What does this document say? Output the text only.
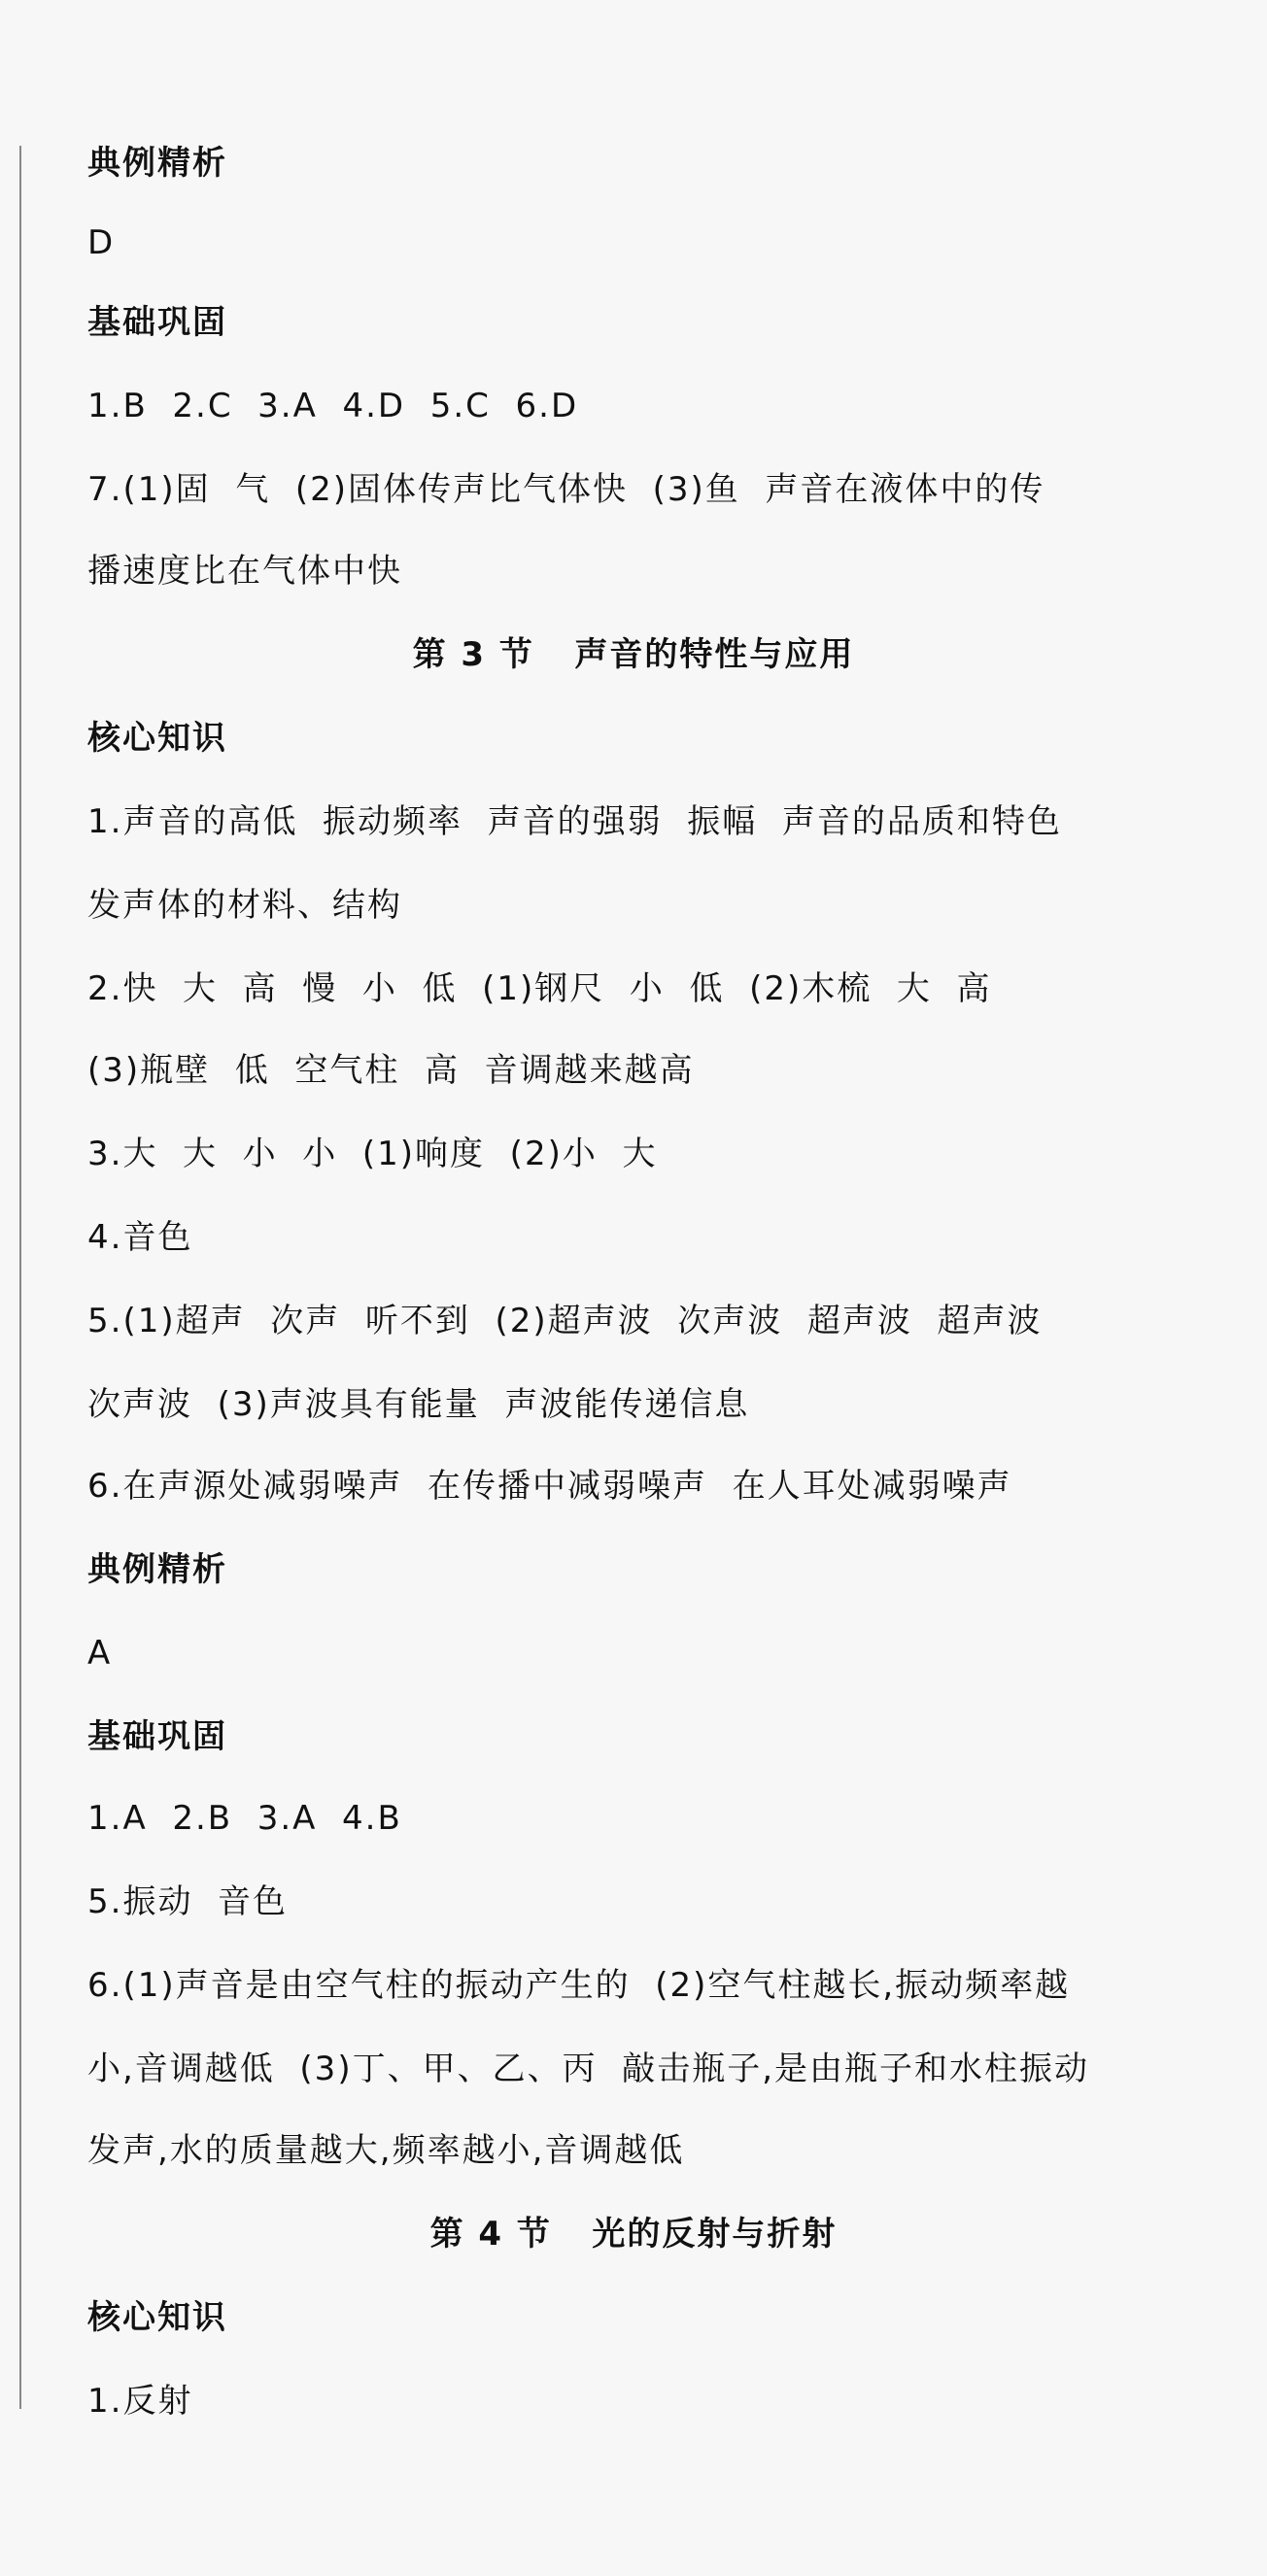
典例精析
D
基础巩固
1.B  2.C  3.A  4.D  5.C  6.D
7.(1)固  气  (2)固体传声比气体快  (3)鱼  声音在液体中的传
播速度比在气体中快
第 3 节   声音的特性与应用
核心知识
1.声音的高低  振动频率  声音的强弱  振幅  声音的品质和特色
发声体的材料、结构
2.快  大  高  慢  小  低  (1)钢尺  小  低  (2)木梳  大  高
(3)瓶壁  低  空气柱  高  音调越来越高
3.大  大  小  小  (1)响度  (2)小  大
4.音色
5.(1)超声  次声  听不到  (2)超声波  次声波  超声波  超声波
次声波  (3)声波具有能量  声波能传递信息
6.在声源处减弱噪声  在传播中减弱噪声  在人耳处减弱噪声
典例精析
A
基础巩固
1.A  2.B  3.A  4.B
5.振动  音色
6.(1)声音是由空气柱的振动产生的  (2)空气柱越长,振动频率越
小,音调越低  (3)丁、甲、乙、丙  敲击瓶子,是由瓶子和水柱振动
发声,水的质量越大,频率越小,音调越低
第 4 节   光的反射与折射
核心知识
1.反射
